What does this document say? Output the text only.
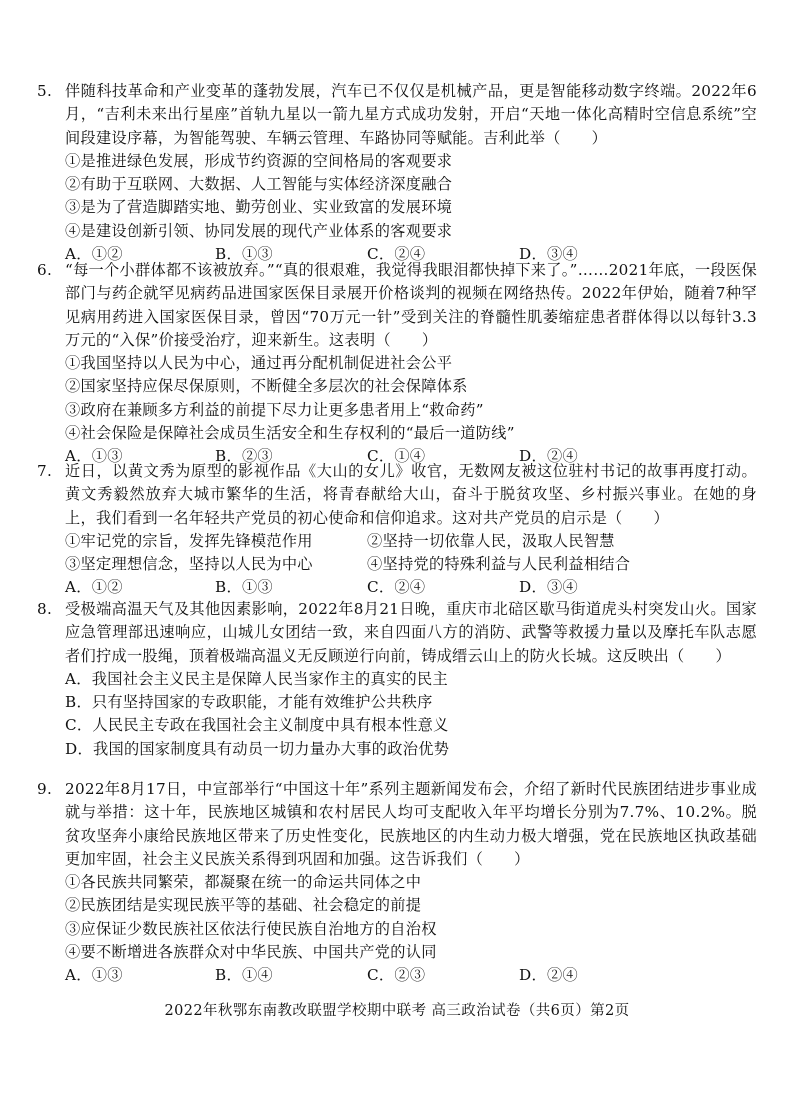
5. 伴随科技革命和产业变革的蓬勃发展，汽车已不仅仅是机械产品，更是智能移动数字终端。2022年6月，“吉利未来出行星座”首轨九星以一箭九星方式成功发射，开启“天地一体化高精时空信息系统”空间段建设序幕，为智能驾驶、车辆云管理、车路协同等赋能。吉利此举（　　）
①是推进绿色发展，形成节约资源的空间格局的客观要求
②有助于互联网、大数据、人工智能与实体经济深度融合
③是为了营造脚踏实地、勤劳创业、实业致富的发展环境
④是建设创新引领、协同发展的现代产业体系的客观要求
A．①②	B．①③	C．②④	D．③④
6. “每一个小群体都不该被放弃。”“真的很艰难，我觉得我眼泪都快掉下来了。”……2021年底，一段医保部门与药企就罕见病药品进国家医保目录展开价格谈判的视频在网络热传。2022年伊始，随着7种罕见病用药进入国家医保目录，曾因“70万元一针”受到关注的脊髓性肌萎缩症患者群体得以以每针3.3万元的“入保”价接受治疗，迎来新生。这表明（　　）
①我国坚持以人民为中心，通过再分配机制促进社会公平
②国家坚持应保尽保原则，不断健全多层次的社会保障体系
③政府在兼顾多方利益的前提下尽力让更多患者用上“救命药”
④社会保险是保障社会成员生活安全和生存权利的“最后一道防线”
A．①③	B．②③	C．①④	D．②④
7. 近日，以黄文秀为原型的影视作品《大山的女儿》收官，无数网友被这位驻村书记的故事再度打动。黄文秀毅然放弃大城市繁华的生活，将青春献给大山，奋斗于脱贫攻坚、乡村振兴事业。在她的身上，我们看到一名年轻共产党员的初心使命和信仰追求。这对共产党员的启示是（　　）
①牢记党的宗旨，发挥先锋模范作用	②坚持一切依靠人民，汲取人民智慧
③坚定理想信念，坚持以人民为中心	④坚持党的特殊利益与人民利益相结合
A．①②	B．①③	C．②④	D．③④
8. 受极端高温天气及其他因素影响，2022年8月21日晚，重庆市北碚区歇马街道虎头村突发山火。国家应急管理部迅速响应，山城儿女团结一致，来自四面八方的消防、武警等救援力量以及摩托车队志愿者们拧成一股绳，顶着极端高温义无反顾逆行向前，铸成缙云山上的防火长城。这反映出（　　）
A．我国社会主义民主是保障人民当家作主的真实的民主
B．只有坚持国家的专政职能，才能有效维护公共秩序
C．人民民主专政在我国社会主义制度中具有根本性意义
D．我国的国家制度具有动员一切力量办大事的政治优势
9. 2022年8月17日，中宣部举行“中国这十年”系列主题新闻发布会，介绍了新时代民族团结进步事业成就与举措：这十年，民族地区城镇和农村居民人均可支配收入年平均增长分别为7.7%、10.2%。脱贫攻坚奔小康给民族地区带来了历史性变化，民族地区的内生动力极大增强，党在民族地区执政基础更加牢固，社会主义民族关系得到巩固和加强。这告诉我们（　　）
①各民族共同繁荣，都凝聚在统一的命运共同体之中
②民族团结是实现民族平等的基础、社会稳定的前提
③应保证少数民族社区依法行使民族自治地方的自治权
④要不断增进各族群众对中华民族、中国共产党的认同
A．①③	B．①④	C．②③	D．②④
2022年秋鄂东南教改联盟学校期中联考 高三政治试卷（共6页）第2页
